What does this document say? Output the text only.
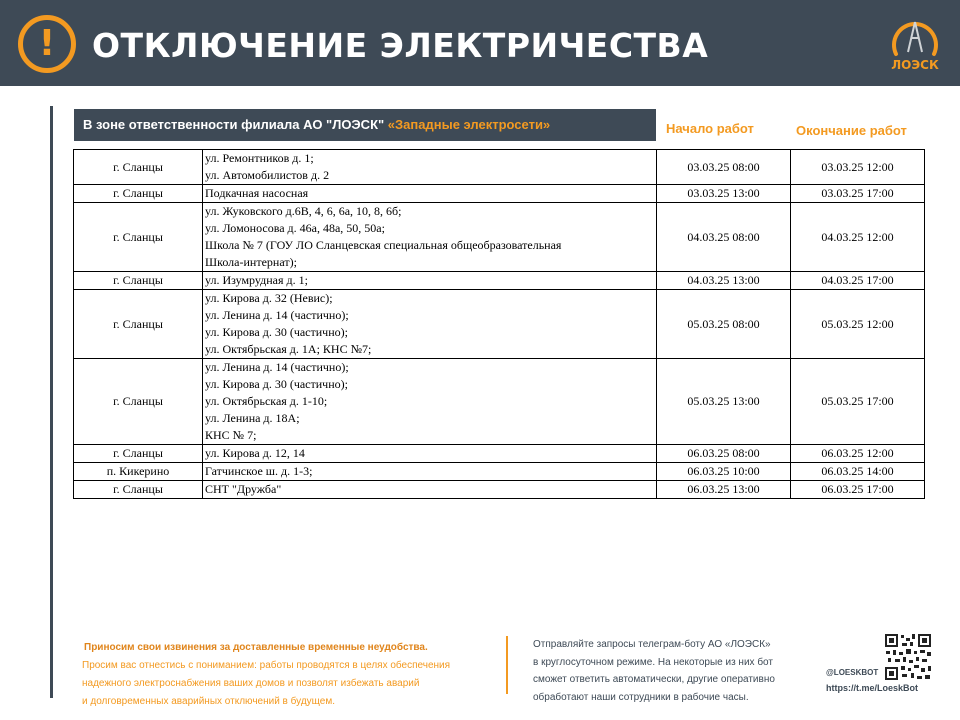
!	ОТКЛЮЧЕНИЕ ЭЛЕКТРИЧЕСТВА	ЛОЭСК
В зоне ответственности филиала АО "ЛОЭСК" «Западные электросети»	Начало работ	Окончание работ
г. Сланцы	ул. Ремонтников д. 1;
ул. Автомобилистов д. 2	03.03.25 08:00	03.03.25 12:00
г. Сланцы	Подкачная насосная	03.03.25 13:00	03.03.25 17:00
г. Сланцы	ул. Жуковского д.6В, 4, 6, 6а, 10, 8, 6б;
ул. Ломоносова д. 46а, 48а, 50, 50а;
Школа № 7 (ГОУ ЛО Сланцевская специальная общеобразовательная
Школа-интернат);	04.03.25 08:00	04.03.25 12:00
г. Сланцы	ул. Изумрудная д. 1;	04.03.25 13:00	04.03.25 17:00
г. Сланцы	ул. Кирова д. 32 (Невис);
ул. Ленина д. 14 (частично);
ул. Кирова д. 30 (частично);
ул. Октябрьская д. 1А; КНС №7;	05.03.25 08:00	05.03.25 12:00
г. Сланцы	ул. Ленина д. 14 (частично);
ул. Кирова д. 30 (частично);
ул. Октябрьская д. 1-10;
ул. Ленина д. 18А;
КНС № 7;	05.03.25 13:00	05.03.25 17:00
г. Сланцы	ул. Кирова д. 12, 14	06.03.25 08:00	06.03.25 12:00
п. Кикерино	Гатчинское ш. д. 1-3;	06.03.25 10:00	06.03.25 14:00
г. Сланцы	СНТ "Дружба"	06.03.25 13:00	06.03.25 17:00
Приносим свои извинения за доставленные временные неудобства.
Просим вас отнестись с пониманием: работы проводятся в целях обеспечения
надежного электроснабжения ваших домов и позволят избежать аварий
и долговременных аварийных отключений в будущем.
Отправляйте запросы телеграм-боту АО «ЛОЭСК»
в круглосуточном режиме. На некоторые из них бот
сможет ответить автоматически, другие оперативно
обработают наши сотрудники в рабочие часы.
@LOESKBOT
https://t.me/LoeskBot
